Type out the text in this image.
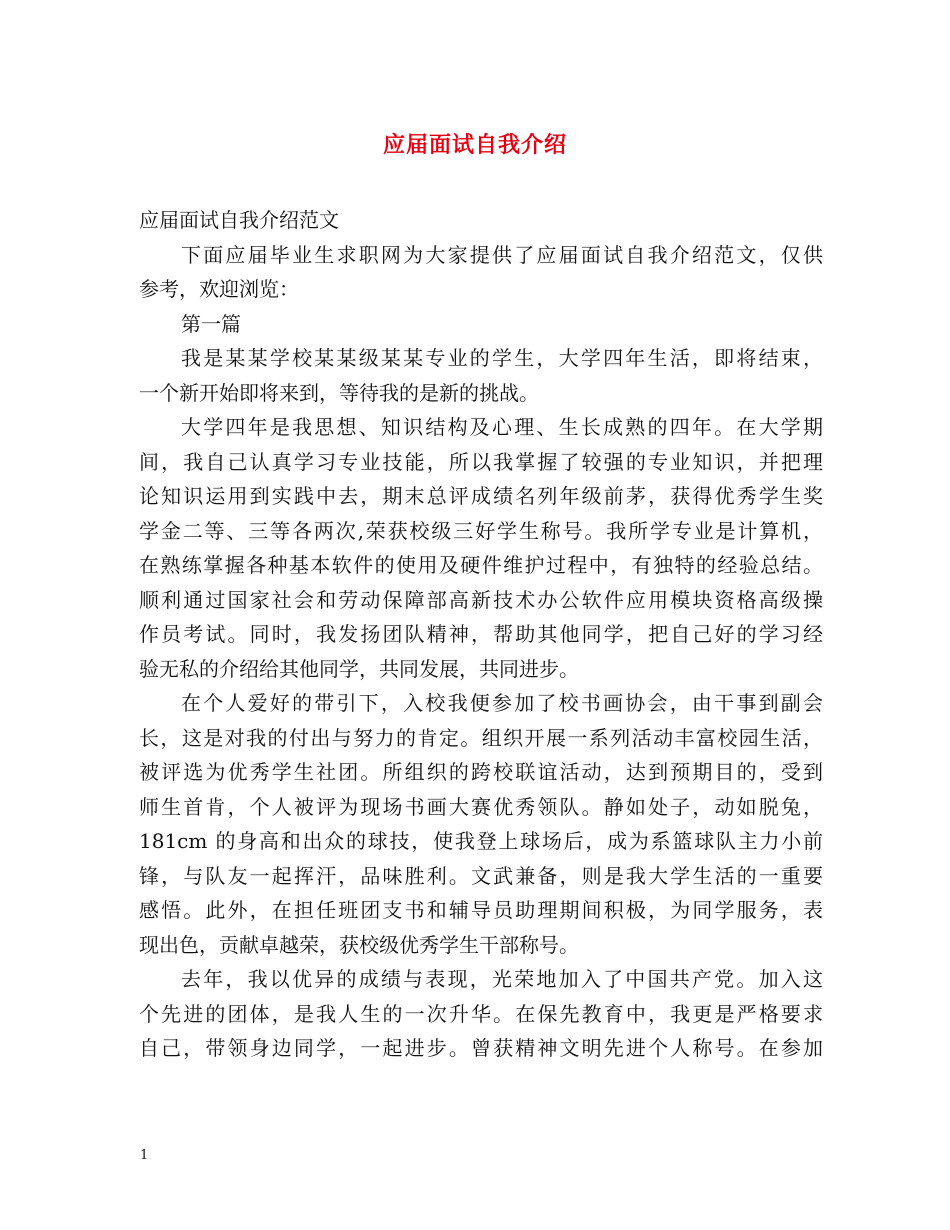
应届面试自我介绍
应届面试自我介绍范文
下面应届毕业生求职网为大家提供了应届面试自我介绍范文，仅供
参考，欢迎浏览：
第一篇
我是某某学校某某级某某专业的学生，大学四年生活，即将结束，
一个新开始即将来到，等待我的是新的挑战。
大学四年是我思想、知识结构及心理、生长成熟的四年。在大学期
间，我自己认真学习专业技能，所以我掌握了较强的专业知识，并把理
论知识运用到实践中去，期末总评成绩名列年级前茅，获得优秀学生奖
学金二等、三等各两次,荣获校级三好学生称号。我所学专业是计算机，
在熟练掌握各种基本软件的使用及硬件维护过程中，有独特的经验总结。
顺利通过国家社会和劳动保障部高新技术办公软件应用模块资格高级操
作员考试。同时，我发扬团队精神，帮助其他同学，把自己好的学习经
验无私的介绍给其他同学，共同发展，共同进步。
在个人爱好的带引下，入校我便参加了校书画协会，由干事到副会
长，这是对我的付出与努力的肯定。组织开展一系列活动丰富校园生活，
被评选为优秀学生社团。所组织的跨校联谊活动，达到预期目的，受到
师生首肯，个人被评为现场书画大赛优秀领队。静如处子，动如脱兔，
181cm 的身高和出众的球技，使我登上球场后，成为系篮球队主力小前
锋，与队友一起挥汗，品味胜利。文武兼备，则是我大学生活的一重要
感悟。此外，在担任班团支书和辅导员助理期间积极，为同学服务，表
现出色，贡献卓越荣，获校级优秀学生干部称号。
去年，我以优异的成绩与表现，光荣地加入了中国共产党。加入这
个先进的团体，是我人生的一次升华。在保先教育中，我更是严格要求
自己，带领身边同学，一起进步。曾获精神文明先进个人称号。在参加
1
